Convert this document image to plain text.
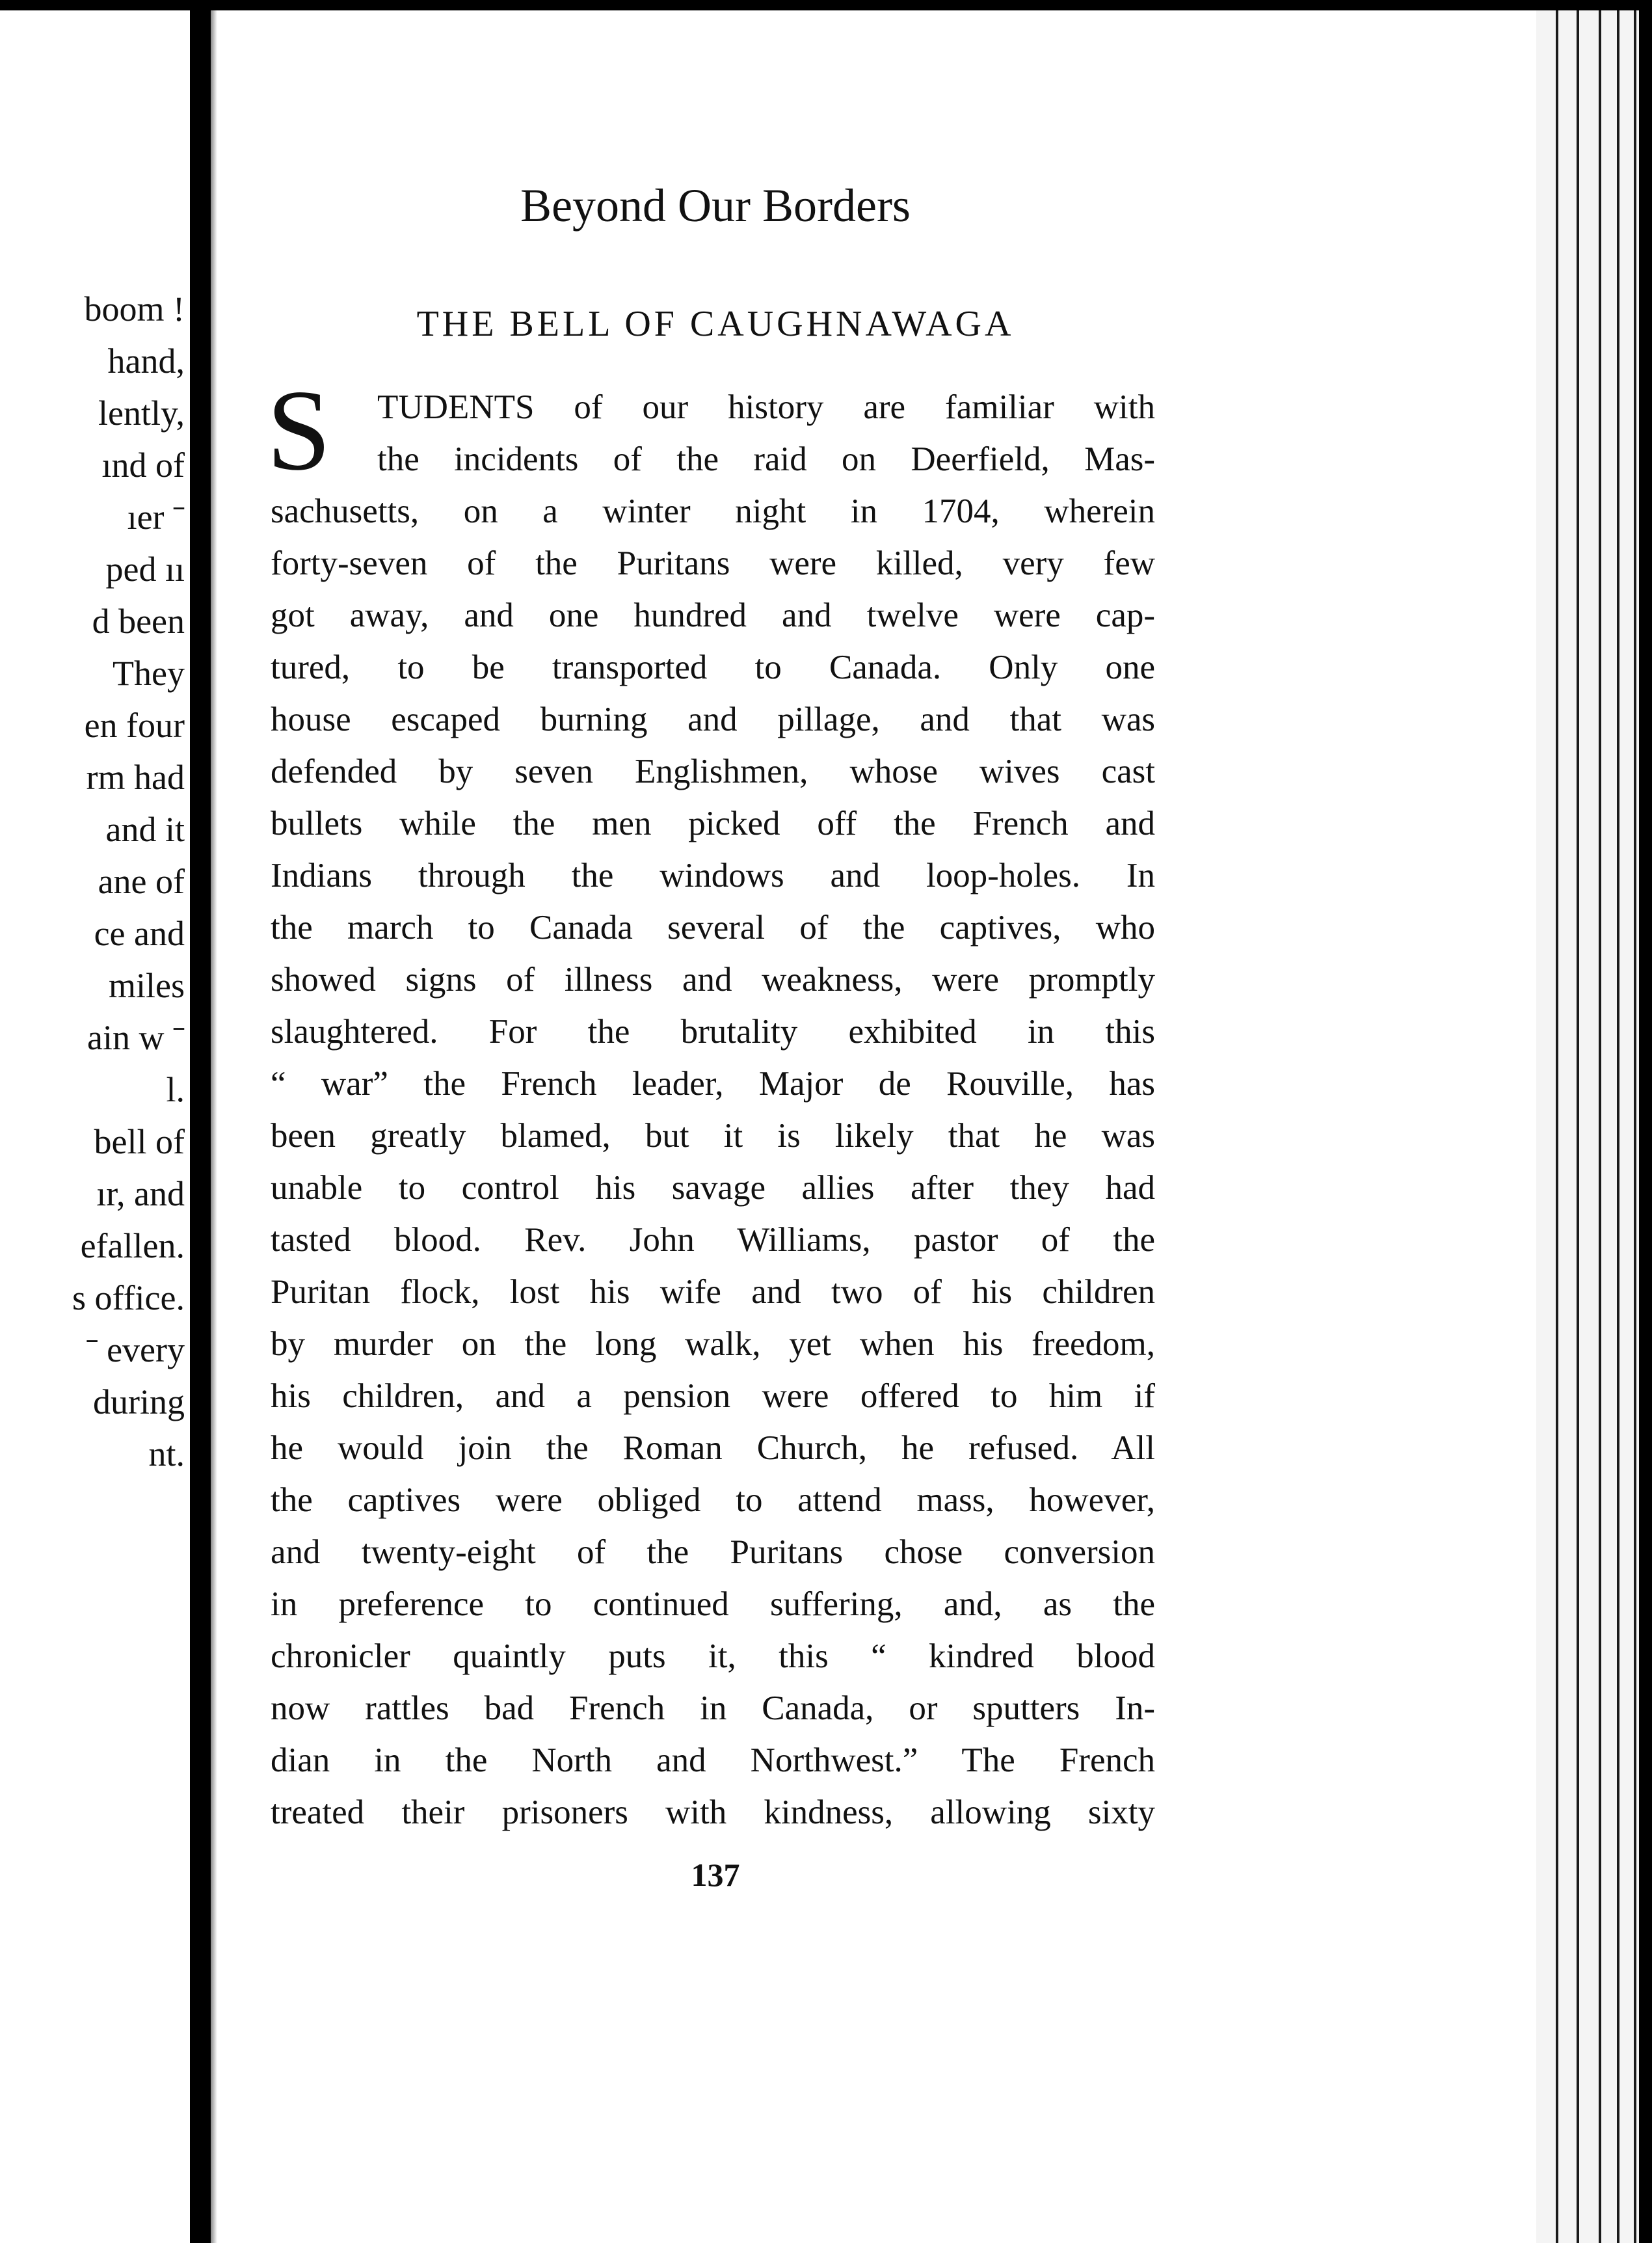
boom !
hand,
lently,
ınd of
ıer ˉ
ped ıı
d been
They
en four
rm had
and it
ane of
ce and
miles
ain w ˉ
l.
bell of
ır, and
efallen.
s office.
ˉ every
during
nt.
Beyond Our Borders
THE BELL OF CAUGHNAWAGA
S TUDENTS of our history are familiar with
the incidents of the raid on Deerfield, Mas-
sachusetts, on a winter night in 1704, wherein
forty-seven of the Puritans were killed, very few
got away, and one hundred and twelve were cap-
tured, to be transported to Canada. Only one
house escaped burning and pillage, and that was
defended by seven Englishmen, whose wives cast
bullets while the men picked off the French and
Indians through the windows and loop-holes. In
the march to Canada several of the captives, who
showed signs of illness and weakness, were promptly
slaughtered. For the brutality exhibited in this
“ war” the French leader, Major de Rouville, has
been greatly blamed, but it is likely that he was
unable to control his savage allies after they had
tasted blood. Rev. John Williams, pastor of the
Puritan flock, lost his wife and two of his children
by murder on the long walk, yet when his freedom,
his children, and a pension were offered to him if
he would join the Roman Church, he refused. All
the captives were obliged to attend mass, however,
and twenty-eight of the Puritans chose conversion
in preference to continued suffering, and, as the
chronicler quaintly puts it, this “ kindred blood
now rattles bad French in Canada, or sputters In-
dian in the North and Northwest.” The French
treated their prisoners with kindness, allowing sixty
137
